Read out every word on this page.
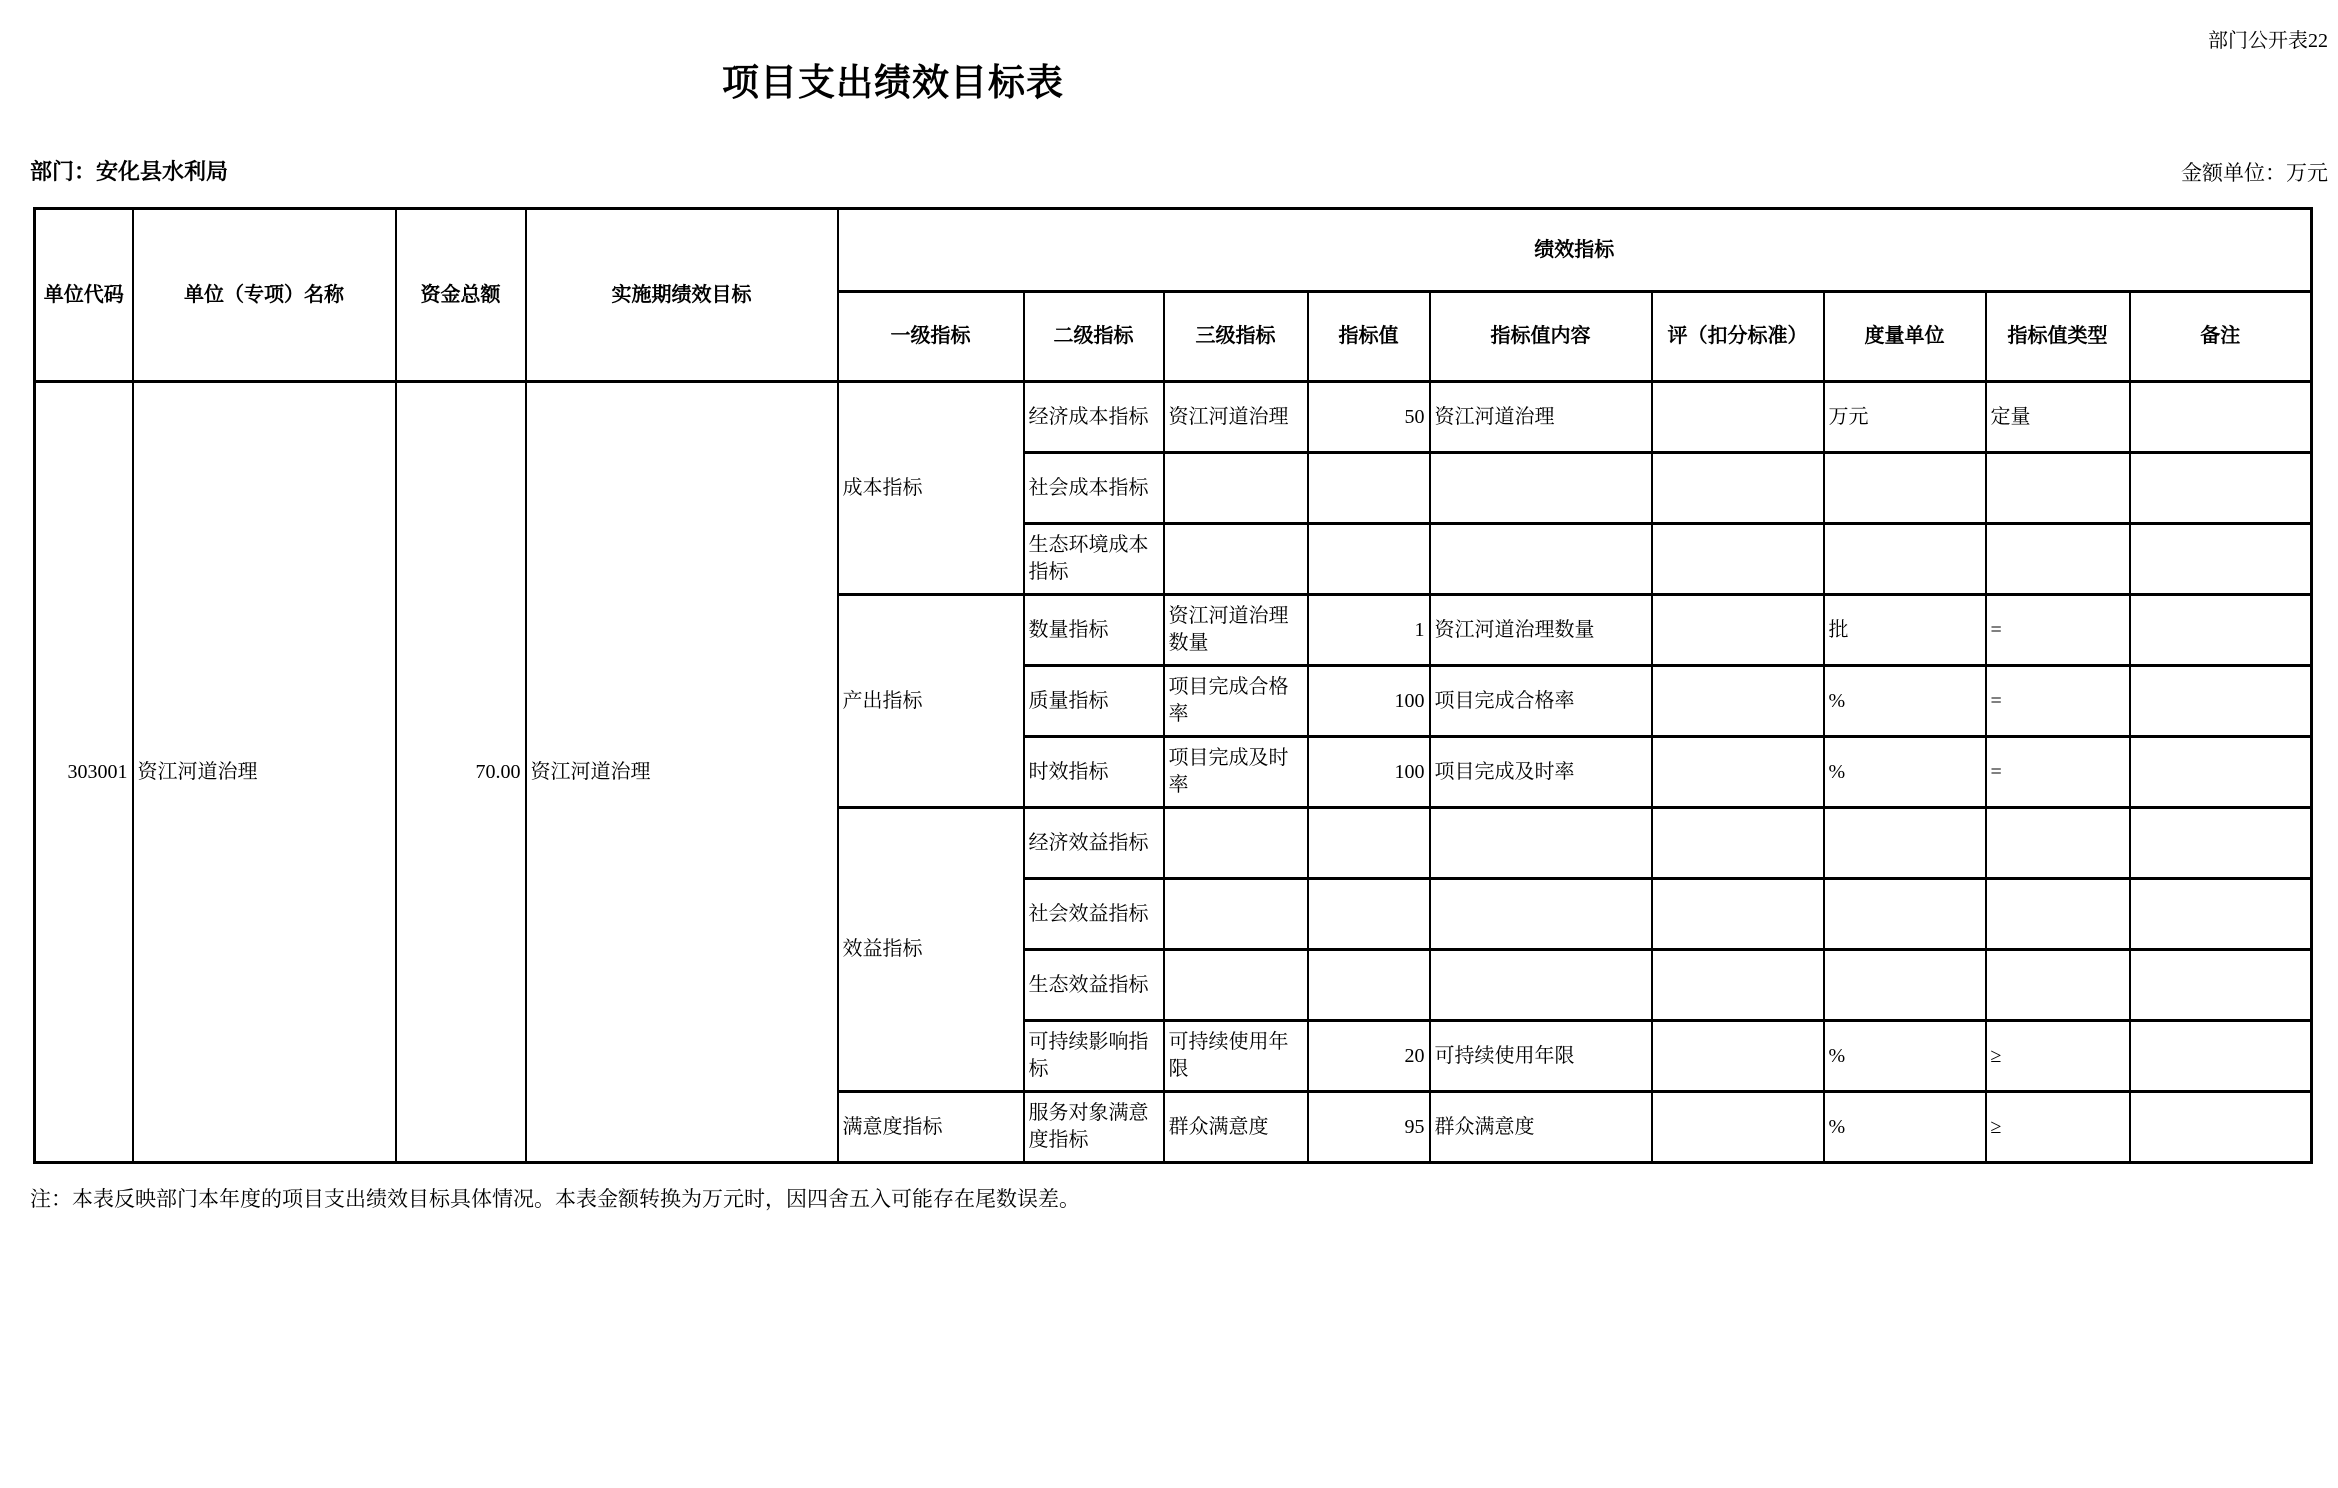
部门公开表22
项目支出绩效目标表
部门：安化县水利局	金额单位：万元
单位代码	单位（专项）名称	资金总额	实施期绩效目标	绩效指标								
				一级指标	二级指标	三级指标	指标值	指标值内容	评（扣分标准）	度量单位	指标值类型	备注
303001	资江河道治理	70.00	资江河道治理	成本指标	经济成本指标	资江河道治理	50	资江河道治理		万元	定量	
					社会成本指标							
					生态环境成本指标							
				产出指标	数量指标	资江河道治理数量	1	资江河道治理数量		批	=	
					质量指标	项目完成合格率	100	项目完成合格率		%	=	
					时效指标	项目完成及时率	100	项目完成及时率		%	=	
				效益指标	经济效益指标							
					社会效益指标							
					生态效益指标							
					可持续影响指标	可持续使用年限	20	可持续使用年限		%	≥	
				满意度指标	服务对象满意度指标	群众满意度	95	群众满意度		%	≥	
注：本表反映部门本年度的项目支出绩效目标具体情况。本表金额转换为万元时，因四舍五入可能存在尾数误差。
